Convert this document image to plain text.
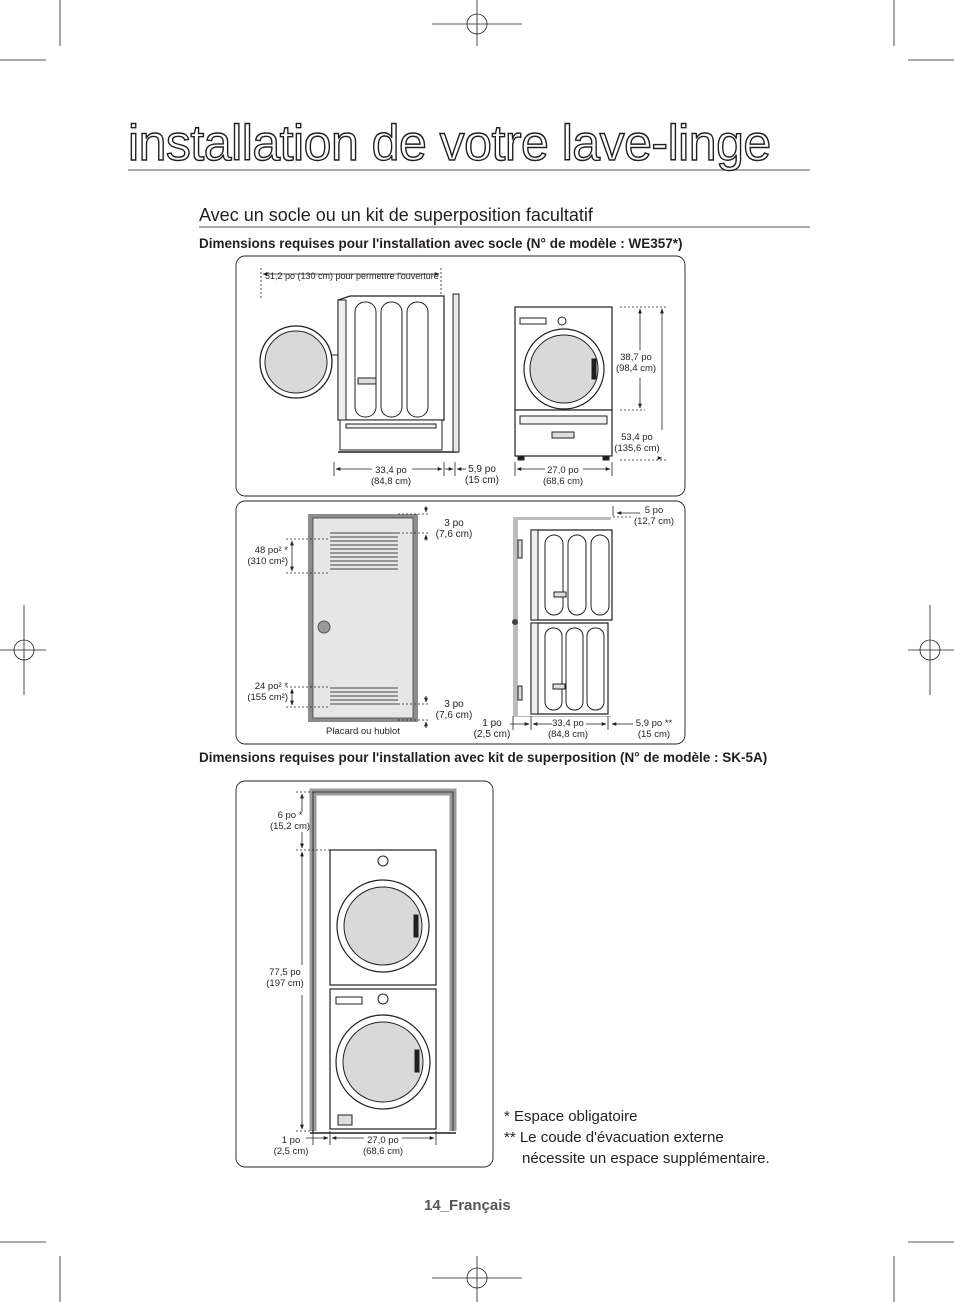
installation de votre lave-linge
Avec un socle ou un kit de superposition facultatif
Dimensions requises pour l'installation avec socle (N° de modèle : WE357*)
Dimensions requises pour l'installation avec kit de superposition (N° de modèle : SK-5A)
51,2 po (130 cm) pour permettre l'ouverture
33,4 po
(84,8 cm)
5,9 po
(15 cm)
27,0 po
(68,6 cm)
38,7 po
(98,4 cm)
53,4 po
(135,6 cm)
48 po² *
(310 cm²)
24 po² *
(155 cm²)
3 po
(7,6 cm)
3 po
(7,6 cm)
Placard ou hublot
1 po
(2,5 cm)
33,4 po
(84,8 cm)
5,9 po **
(15 cm)
5 po
(12,7 cm)
6 po *
(15,2 cm)
77,5 po
(197 cm)
1 po
(2,5 cm)
27,0 po
(68,6 cm)
* Espace obligatoire
** Le coude d'évacuation externe
nécessite un espace supplémentaire.
14_Français
